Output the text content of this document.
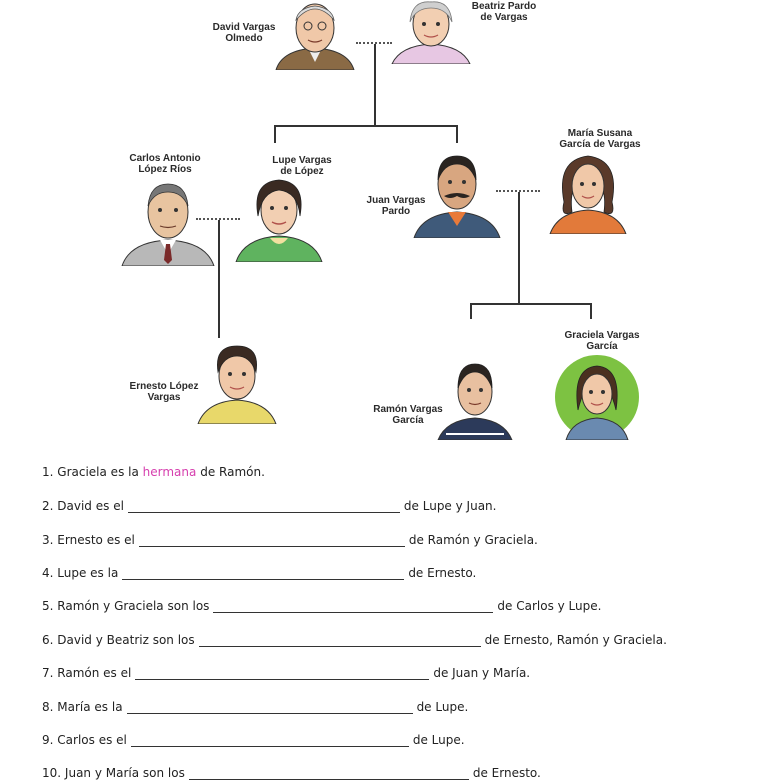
David Vargas
Olmedo
Beatriz Pardo
de Vargas
Carlos Antonio
López Ríos
Lupe Vargas
de López
Juan Vargas
Pardo
María Susana
García de Vargas
Ernesto López
Vargas
Ramón Vargas
García
Graciela Vargas
García
1.
Graciela es la
hermana
de Ramón.
2.
David es el	de Lupe y Juan.
3.
Ernesto es el	de Ramón y Graciela.
4.
Lupe es la	de Ernesto.
5.
Ramón y Graciela son los	de Carlos y Lupe.
6.
David y Beatriz son los	de Ernesto, Ramón y Graciela.
7.
Ramón es el	de Juan y María.
8.
María es la	de Lupe.
9.
Carlos es el	de Lupe.
10.
Juan y María son los	de Ernesto.
